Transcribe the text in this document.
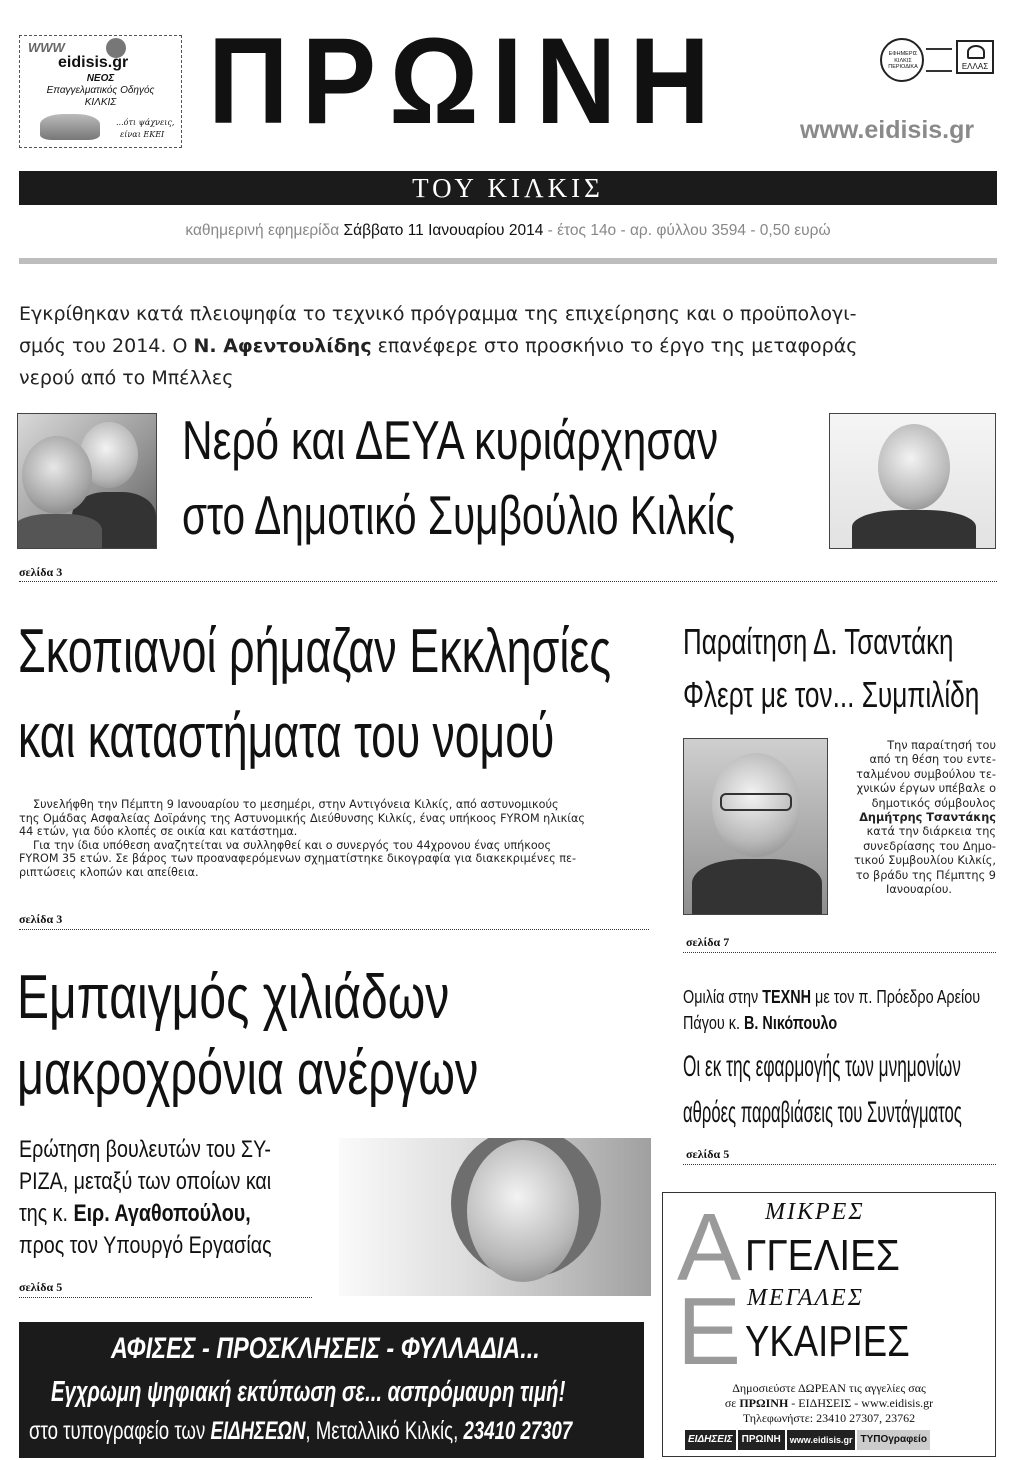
WWW
eidisis.gr
ΝΕΟΣ
Επαγγελματικός Οδηγός
ΚΙΛΚΙΣ
...ότι ψάχνεις,
είναι ΕΚΕΙ ΠΡΩΙΝΗ	ΕΦΗΜΕΡΙΣ ΚΙΛΚΙΣ ΠΕΡΙΟΔΙΚΑ	ΕΛΛΑΣ
www.eidisis.gr
ΤΟΥ ΚΙΛΚΙΣ
καθημερινή εφημερίδα Σάββατο 11 Ιανουαρίου 2014 - έτος 14ο - αρ. φύλλου 3594 - 0,50 ευρώ
Εγκρίθηκαν κατά πλειοψηφία το τεχνικό πρόγραμμα της επιχείρησης και ο προϋπολογι-
σμός του 2014. Ο Ν. Αφεντουλίδης επανέφερε στο προσκήνιο το έργο της μεταφοράς
νερού από το Μπέλλες
Νερό και ΔΕΥΑ κυριάρχησαν
στο Δημοτικό Συμβούλιο Κιλκίς
σελίδα 3
Σκοπιανοί ρήμαζαν Εκκλησίες
και καταστήματα του νομού
Συνελήφθη την Πέμπτη 9 Ιανουαρίου το μεσημέρι, στην Αντιγόνεια Κιλκίς, από αστυνομικούς
της Ομάδας Ασφαλείας Δοϊράνης της Αστυνομικής Διεύθυνσης Κιλκίς, ένας υπήκοος FYROM ηλικίας
44 ετών, για δύο κλοπές σε οικία και κατάστημα.
Για την ίδια υπόθεση αναζητείται να συλληφθεί και ο συνεργός του 44χρονου ένας υπήκοος
FYROM 35 ετών. Σε βάρος των προαναφερόμενων σχηματίστηκε δικογραφία για διακεκριμένες πε-
ριπτώσεις κλοπών και απείθεια.
σελίδα 3
Παραίτηση Δ. Τσαντάκη
Φλερτ με τον... Συμπιλίδη
Την παραίτησή του
από τη θέση του εντε-
ταλμένου συμβούλου τε-
χνικών έργων υπέβαλε ο
δημοτικός σύμβουλος
Δημήτρης Τσαντάκης
κατά την διάρκεια της
συνεδρίασης του Δημο-
τικού Συμβουλίου Κιλκίς,
το βράδυ της Πέμπτης 9
Ιανουαρίου.
σελίδα 7
Εμπαιγμός χιλιάδων
μακροχρόνια ανέργων
Ερώτηση βουλευτών του ΣΥ-
ΡΙΖΑ, μεταξύ των οποίων και
της κ. Ειρ. Αγαθοπούλου,
προς τον Υπουργό Εργασίας
σελίδα 5
Ομιλία στην ΤΕΧΝΗ με τον π. Πρόεδρο Αρείου
Πάγου κ. Β. Νικόπουλο
Οι εκ της εφαρμογής των μνημονίων
αθρόες παραβιάσεις του Συντάγματος
σελίδα 5
ΑΦΙΣΕΣ - ΠΡΟΣΚΛΗΣΕΙΣ - ΦΥΛΛΑΔΙΑ...
Εγχρωμη ψηφιακή εκτύπωση σε... ασπρόμαυρη τιμή!
στο τυπογραφείο των ΕΙΔΗΣΕΩΝ, Μεταλλικό Κιλκίς, 23410 27307
Α ΜΙΚΡΕΣ
ΓΓΕΛΙΕΣ
Ε ΜΕΓΑΛΕΣ
ΥΚΑΙΡΙΕΣ
Δημοσιεύστε ΔΩΡΕΑΝ τις αγγελίες σας
σε ΠΡΩΙΝΗ - ΕΙΔΗΣΕΙΣ - www.eidisis.gr
Τηλεφωνήστε: 23410 27307, 23762
ΕΙΔΗΣΕΙΣ ΠΡΩΙΝΗ	www.eidisis.gr ΤΥΠΟγραφείο
